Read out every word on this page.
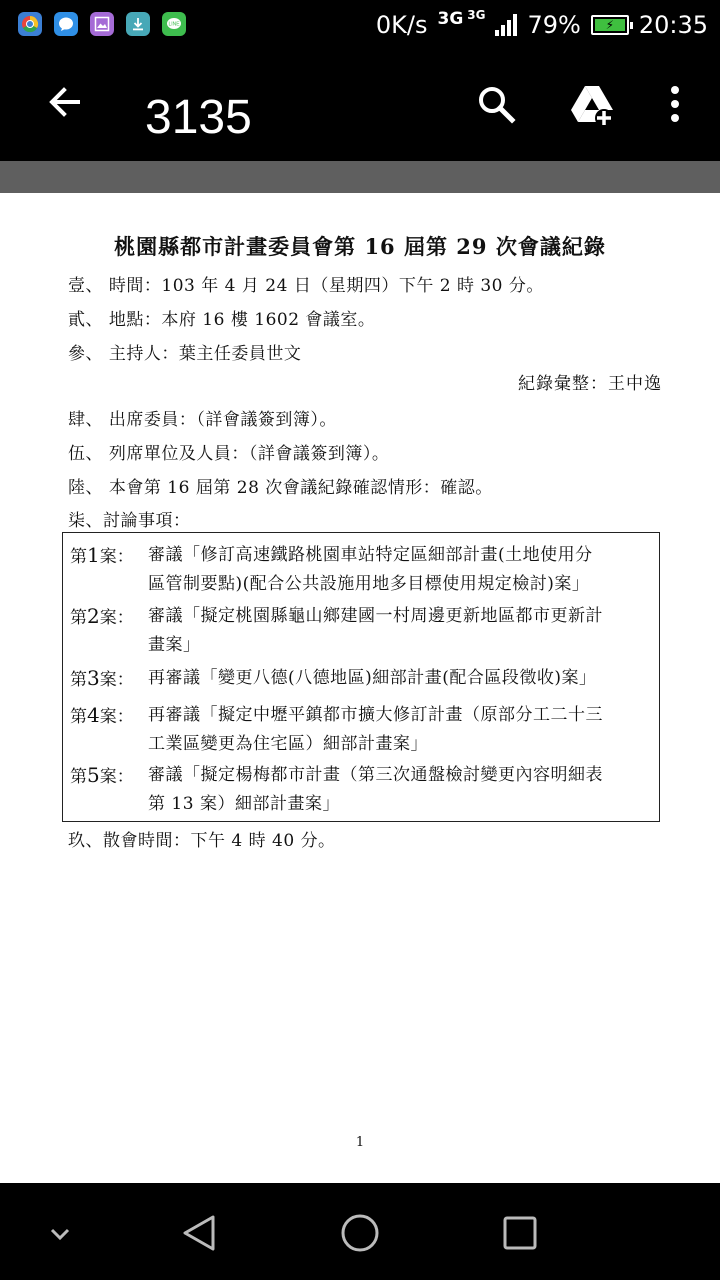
LINE	0K/s 3G 3G 79%	⚡	20:35
3135
桃園縣都市計畫委員會第 16 屆第 29 次會議紀錄
壹、 時間：103 年 4 月 24 日（星期四）下午 2 時 30 分。
貳、 地點：本府 16 樓 1602 會議室。
參、 主持人：葉主任委員世文
紀錄彙整：王中逸
肆、 出席委員：（詳會議簽到簿）。
伍、 列席單位及人員：（詳會議簽到簿）。
陸、 本會第 16 屆第 28 次會議紀錄確認情形：確認。
柒、討論事項：
第1案： 審議「修訂高速鐵路桃園車站特定區細部計畫(土地使用分
區管制要點)(配合公共設施用地多目標使用規定檢討)案」
第2案： 審議「擬定桃園縣龜山鄉建國一村周邊更新地區都市更新計
畫案」
第3案： 再審議「變更八德(八德地區)細部計畫(配合區段徵收)案」
第4案： 再審議「擬定中壢平鎮都市擴大修訂計畫（原部分工二十三
工業區變更為住宅區）細部計畫案」
第5案： 審議「擬定楊梅都市計畫（第三次通盤檢討變更內容明細表
第 13 案）細部計畫案」
玖、散會時間：下午 4 時 40 分。
1
